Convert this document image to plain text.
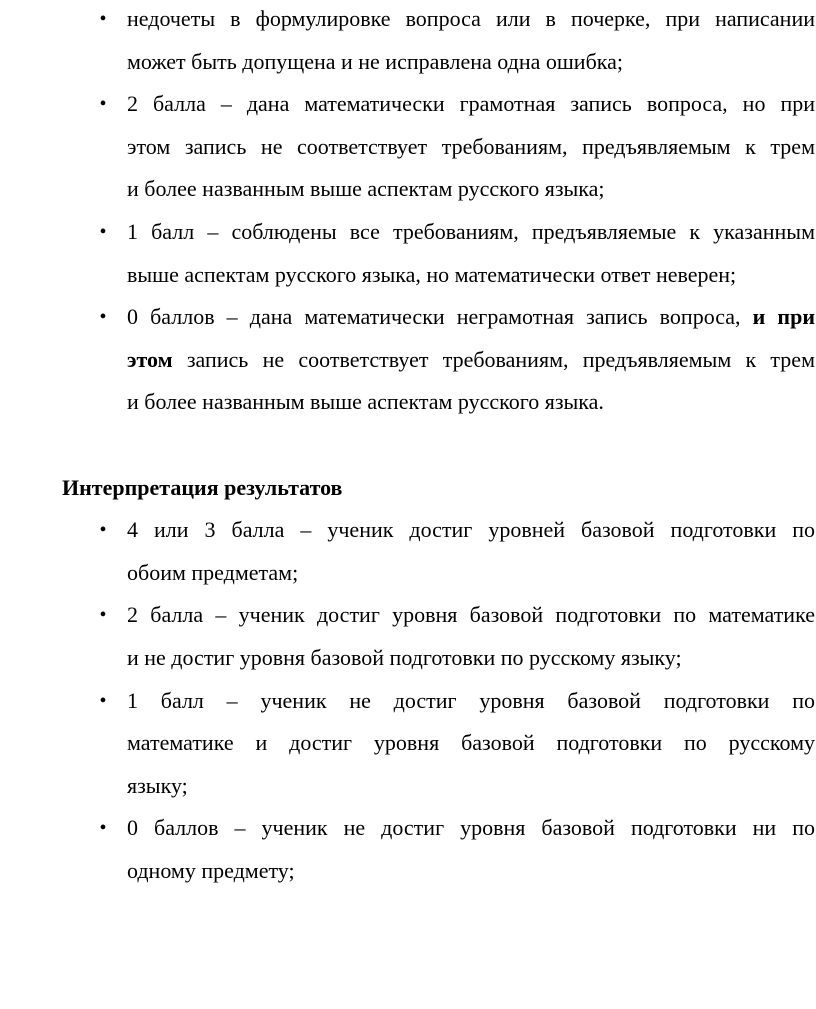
• недочеты в формулировке вопроса или в почерке, при написании
может быть допущена и не исправлена одна ошибка;
• 2 балла – дана математически грамотная запись вопроса, но при
этом запись не соответствует требованиям, предъявляемым к трем
и более названным выше аспектам русского языка;
• 1 балл – соблюдены все требованиям, предъявляемые к указанным
выше аспектам русского языка, но математически ответ неверен;
• 0 баллов – дана математически неграмотная запись вопроса, и при
этом запись не соответствует требованиям, предъявляемым к трем
и более названным выше аспектам русского языка.
Интерпретация результатов
• 4 или 3 балла – ученик достиг уровней базовой подготовки по
обоим предметам;
• 2 балла – ученик достиг уровня базовой подготовки по математике
и не достиг уровня базовой подготовки по русскому языку;
• 1 балл – ученик не достиг уровня базовой подготовки по
математике и достиг уровня базовой подготовки по русскому
языку;
• 0 баллов – ученик не достиг уровня базовой подготовки ни по
одному предмету;
